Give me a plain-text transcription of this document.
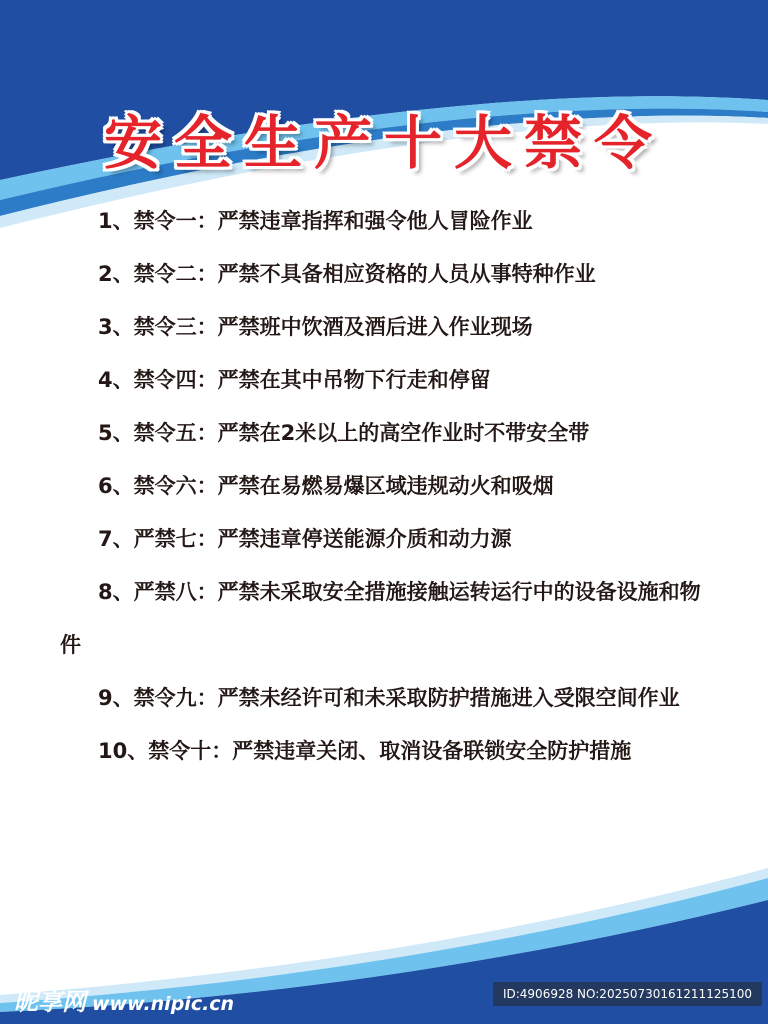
安全生产十大禁令
1、禁令一：严禁违章指挥和强令他人冒险作业
2、禁令二：严禁不具备相应资格的人员从事特种作业
3、禁令三：严禁班中饮酒及酒后进入作业现场
4、禁令四：严禁在其中吊物下行走和停留
5、禁令五：严禁在2米以上的高空作业时不带安全带
6、禁令六：严禁在易燃易爆区域违规动火和吸烟
7、严禁七：严禁违章停送能源介质和动力源
8、严禁八：严禁未采取安全措施接触运转运行中的设备设施和物件
9、禁令九：严禁未经许可和未采取防护措施进入受限空间作业
10、禁令十：严禁违章关闭、取消设备联锁安全防护措施
昵享网 www.nipic.cn	ID:4906928 NO:20250730161211125100
